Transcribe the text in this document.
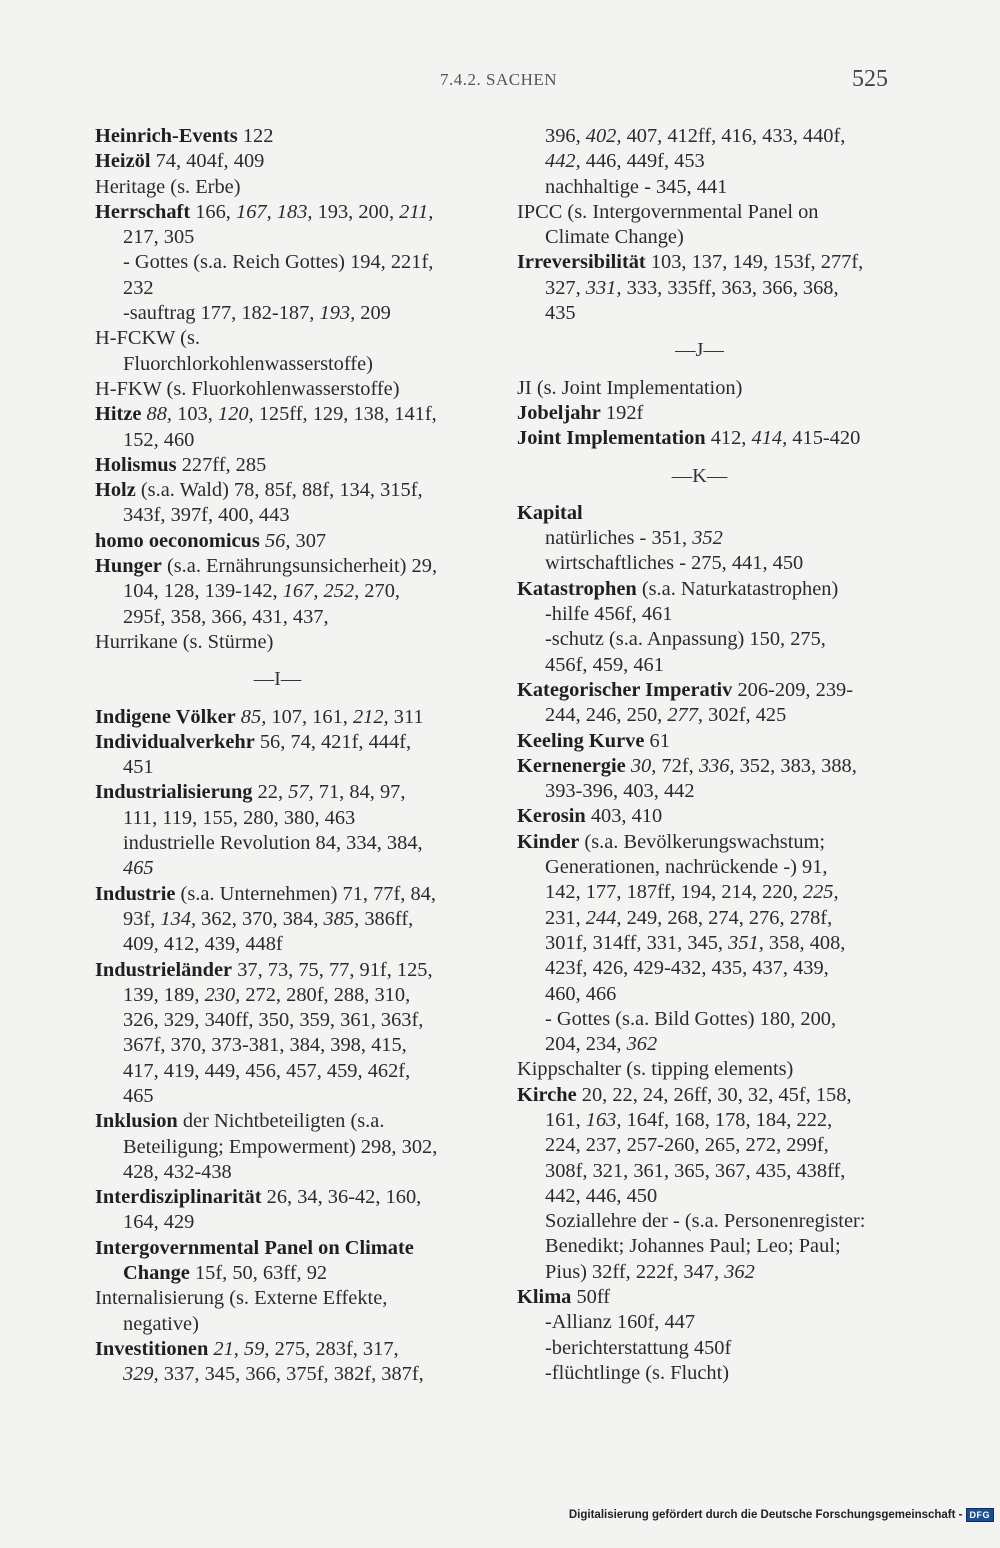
7.4.2. SACHEN	525
Heinrich-Events 122
Heizöl 74, 404f, 409
Heritage (s. Erbe)
Herrschaft 166, 167, 183, 193, 200, 211,
217, 305
- Gottes (s.a. Reich Gottes) 194, 221f,
232
-sauftrag 177, 182-187, 193, 209
H-FCKW (s.
Fluorchlorkohlenwasserstoffe)
H-FKW (s. Fluorkohlenwasserstoffe)
Hitze 88, 103, 120, 125ff, 129, 138, 141f,
152, 460
Holismus 227ff, 285
Holz (s.a. Wald) 78, 85f, 88f, 134, 315f,
343f, 397f, 400, 443
homo oeconomicus 56, 307
Hunger (s.a. Ernährungsunsicherheit) 29,
104, 128, 139-142, 167, 252, 270,
295f, 358, 366, 431, 437,
Hurrikane (s. Stürme)
—I—
Indigene Völker 85, 107, 161, 212, 311
Individualverkehr 56, 74, 421f, 444f,
451
Industrialisierung 22, 57, 71, 84, 97,
111, 119, 155, 280, 380, 463
industrielle Revolution 84, 334, 384,
465
Industrie (s.a. Unternehmen) 71, 77f, 84,
93f, 134, 362, 370, 384, 385, 386ff,
409, 412, 439, 448f
Industrieländer 37, 73, 75, 77, 91f, 125,
139, 189, 230, 272, 280f, 288, 310,
326, 329, 340ff, 350, 359, 361, 363f,
367f, 370, 373-381, 384, 398, 415,
417, 419, 449, 456, 457, 459, 462f,
465
Inklusion der Nichtbeteiligten (s.a.
Beteiligung; Empowerment) 298, 302,
428, 432-438
Interdisziplinarität 26, 34, 36-42, 160,
164, 429
Intergovernmental Panel on Climate
Change 15f, 50, 63ff, 92
Internalisierung (s. Externe Effekte,
negative)
Investitionen 21, 59, 275, 283f, 317,
329, 337, 345, 366, 375f, 382f, 387f,
396, 402, 407, 412ff, 416, 433, 440f,
442, 446, 449f, 453
nachhaltige - 345, 441
IPCC (s. Intergovernmental Panel on
Climate Change)
Irreversibilität 103, 137, 149, 153f, 277f,
327, 331, 333, 335ff, 363, 366, 368,
435
—J—
JI (s. Joint Implementation)
Jobeljahr 192f
Joint Implementation 412, 414, 415-420
—K—
Kapital
natürliches - 351, 352
wirtschaftliches - 275, 441, 450
Katastrophen (s.a. Naturkatastrophen)
-hilfe 456f, 461
-schutz (s.a. Anpassung) 150, 275,
456f, 459, 461
Kategorischer Imperativ 206-209, 239-
244, 246, 250, 277, 302f, 425
Keeling Kurve 61
Kernenergie 30, 72f, 336, 352, 383, 388,
393-396, 403, 442
Kerosin 403, 410
Kinder (s.a. Bevölkerungswachstum;
Generationen, nachrückende -) 91,
142, 177, 187ff, 194, 214, 220, 225,
231, 244, 249, 268, 274, 276, 278f,
301f, 314ff, 331, 345, 351, 358, 408,
423f, 426, 429-432, 435, 437, 439,
460, 466
- Gottes (s.a. Bild Gottes) 180, 200,
204, 234, 362
Kippschalter (s. tipping elements)
Kirche 20, 22, 24, 26ff, 30, 32, 45f, 158,
161, 163, 164f, 168, 178, 184, 222,
224, 237, 257-260, 265, 272, 299f,
308f, 321, 361, 365, 367, 435, 438ff,
442, 446, 450
Soziallehre der - (s.a. Personenregister:
Benedikt; Johannes Paul; Leo; Paul;
Pius) 32ff, 222f, 347, 362
Klima 50ff
-Allianz 160f, 447
-berichterstattung 450f
-flüchtlinge (s. Flucht)
Digitalisierung gefördert durch die Deutsche Forschungsgemeinschaft - DFG
